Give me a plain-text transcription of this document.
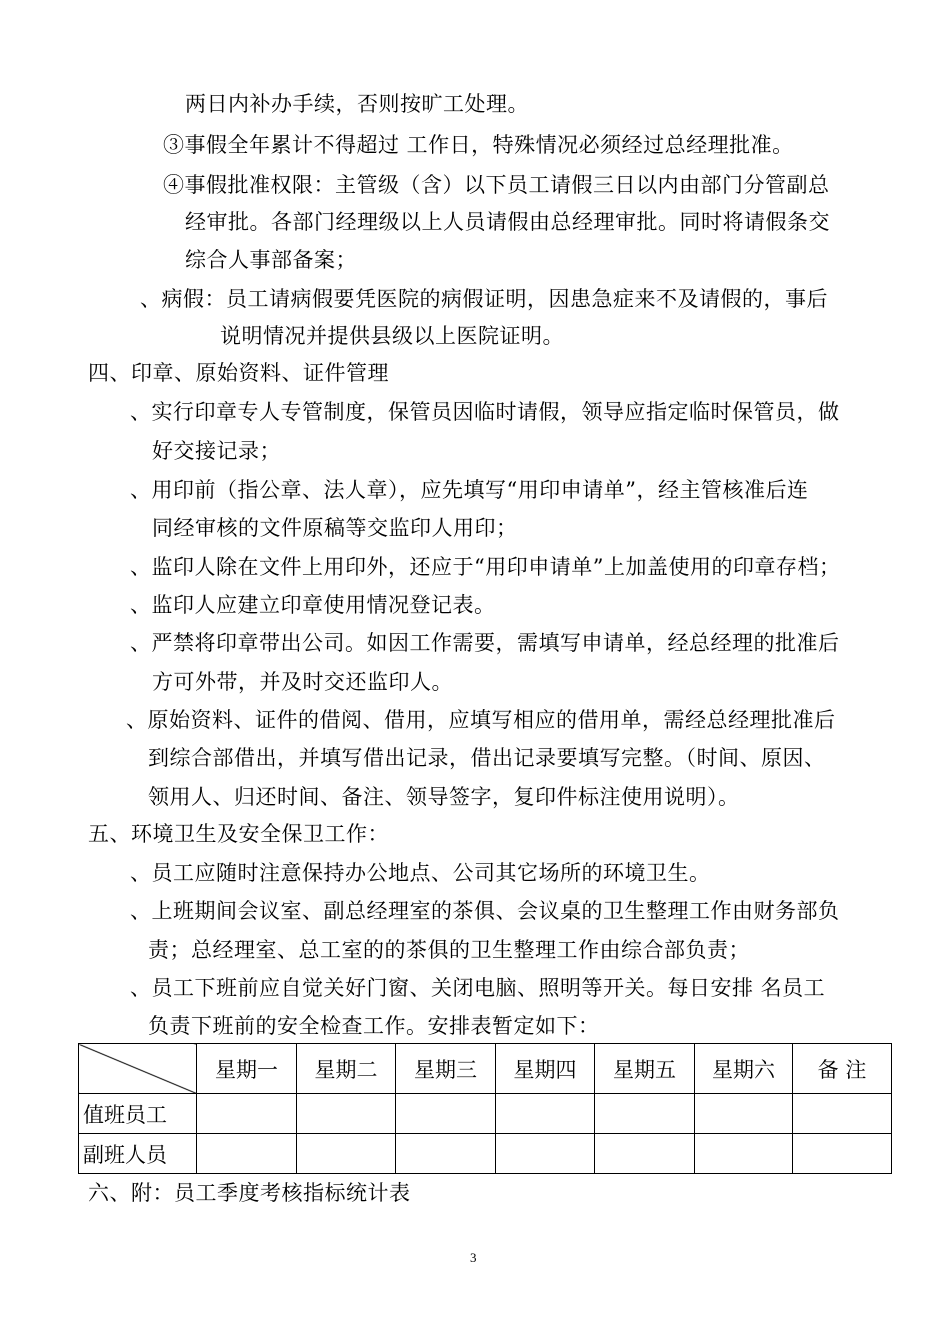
两日内补办手续，否则按旷工处理。
③事假全年累计不得超过 工作日，特殊情况必须经过总经理批准。
④事假批准权限：主管级（含）以下员工请假三日以内由部门分管副总
经审批。各部门经理级以上人员请假由总经理审批。同时将请假条交
综合人事部备案；
、病假：员工请病假要凭医院的病假证明，因患急症来不及请假的，事后
说明情况并提供县级以上医院证明。
四、印章、原始资料、证件管理
、实行印章专人专管制度，保管员因临时请假，领导应指定临时保管员，做
好交接记录；
、用印前（指公章、法人章），应先填写“用印申请单”，经主管核准后连
同经审核的文件原稿等交监印人用印；
、监印人除在文件上用印外，还应于“用印申请单”上加盖使用的印章存档；
、监印人应建立印章使用情况登记表。
、严禁将印章带出公司。如因工作需要，需填写申请单，经总经理的批准后
方可外带，并及时交还监印人。
、原始资料、证件的借阅、借用，应填写相应的借用单，需经总经理批准后
到综合部借出，并填写借出记录，借出记录要填写完整。（时间、原因、
领用人、归还时间、备注、领导签字，复印件标注使用说明）。
五、环境卫生及安全保卫工作：
、员工应随时注意保持办公地点、公司其它场所的环境卫生。
、上班期间会议室、副总经理室的茶俱、会议桌的卫生整理工作由财务部负
责；总经理室、总工室的的茶俱的卫生整理工作由综合部负责；
、员工下班前应自觉关好门窗、关闭电脑、照明等开关。每日安排 名员工
负责下班前的安全检查工作。安排表暂定如下：
	星期一	星期二	星期三	星期四	星期五	星期六	备 注
值班员工							
副班人员							
六、附：员工季度考核指标统计表
3
